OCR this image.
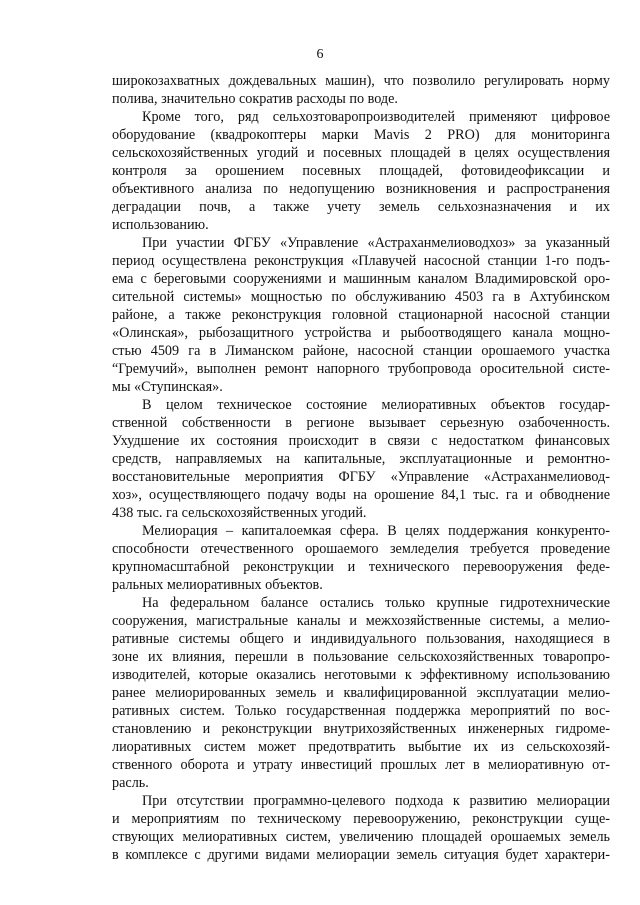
6
широкозахватных дождевальных машин), что позволило регулировать норму
полива, значительно сократив расходы по воде.
Кроме того, ряд сельхозтоваропроизводителей применяют цифровое
оборудование (квадрокоптеры марки Mavis 2 PRO) для мониторинга
сельскохозяйственных угодий и посевных площадей в целях осуществления
контроля за орошением посевных площадей, фотовидеофиксации и
объективного анализа по недопущению возникновения и распространения
деградации почв, а также учету земель сельхозназначения и их
использованию.
При участии ФГБУ «Управление «Астраханмелиоводхоз» за указанный
период осуществлена реконструкция «Плавучей насосной станции 1-го подъ-
ема с береговыми сооружениями и машинным каналом Владимировской оро-
сительной системы» мощностью по обслуживанию 4503 га в Ахтубинском
районе, а также реконструкция головной стационарной насосной станции
«Олинская», рыбозащитного устройства и рыбоотводящего канала мощно-
стью 4509 га в Лиманском районе, насосной станции орошаемого участка
“Гремучий», выполнен ремонт напорного трубопровода оросительной систе-
мы «Ступинская».
В целом техническое состояние мелиоративных объектов государ-
ственной собственности в регионе вызывает серьезную озабоченность.
Ухудшение их состояния происходит в связи с недостатком финансовых
средств, направляемых на капитальные, эксплуатационные и ремонтно-
восстановительные мероприятия ФГБУ «Управление «Астраханмелиовод-
хоз», осуществляющего подачу воды на орошение 84,1 тыс. га и обводнение
438 тыс. га сельскохозяйственных угодий.
Мелиорация – капиталоемкая сфера. В целях поддержания конкуренто-
способности отечественного орошаемого земледелия требуется проведение
крупномасштабной реконструкции и технического перевооружения феде-
ральных мелиоративных объектов.
На федеральном балансе остались только крупные гидротехнические
сооружения, магистральные каналы и межхозяйственные системы, а мелио-
ративные системы общего и индивидуального пользования, находящиеся в
зоне их влияния, перешли в пользование сельскохозяйственных товаропро-
изводителей, которые оказались неготовыми к эффективному использованию
ранее мелиорированных земель и квалифицированной эксплуатации мелио-
ративных систем. Только государственная поддержка мероприятий по вос-
становлению и реконструкции внутрихозяйственных инженерных гидроме-
лиоративных систем может предотвратить выбытие их из сельскохозяй-
ственного оборота и утрату инвестиций прошлых лет в мелиоративную от-
расль.
При отсутствии программно-целевого подхода к развитию мелиорации
и мероприятиям по техническому перевооружению, реконструкции суще-
ствующих мелиоративных систем, увеличению площадей орошаемых земель
в комплексе с другими видами мелиорации земель ситуация будет характери-
